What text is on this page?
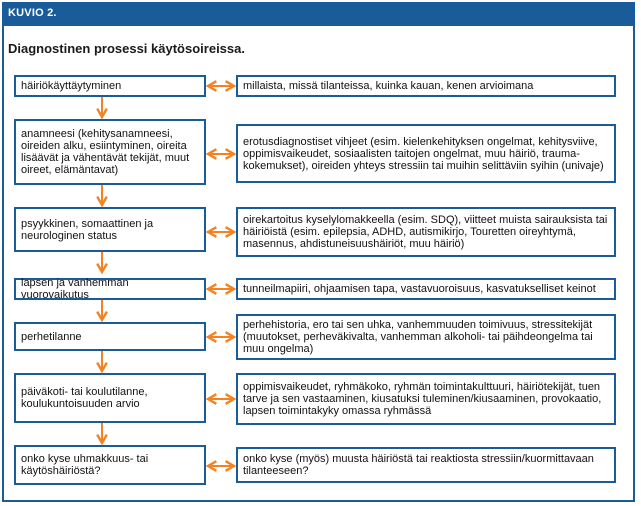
KUVIO 2.
Diagnostinen prosessi käytösoireissa.
häiriökäyttäytyminen
anamneesi (kehitysanamneesi, oireiden alku, esiintyminen, oireita lisäävät ja vähentävät tekijät, muut oireet, elämäntavat)
psyykkinen, somaattinen ja neurologinen status
lapsen ja vanhemman vuorovaikutus
perhetilanne
päiväkoti- tai koulutilanne, koulukuntoisuuden arvio
onko kyse uhmakkuus- tai käytöshäiriöstä?
millaista, missä tilanteissa, kuinka kauan, kenen arvioimana
erotusdiagnostiset vihjeet (esim. kielenkehityksen ongelmat, kehitysviive, oppimisvaikeudet, sosiaalisten taitojen ongelmat, muu häiriö, trauma-kokemukset), oireiden yhteys stressiin tai muihin selittäviin syihin (univaje)
oirekartoitus kyselylomakkeella (esim. SDQ), viitteet muista sairauksista tai häiriöistä (esim. epilepsia, ADHD, autismikirjo, Touretten oireyhtymä, masennus, ahdistuneisuushäiriöt, muu häiriö)
tunneilmapiiri, ohjaamisen tapa, vastavuoroisuus, kasvatukselliset keinot
perhehistoria, ero tai sen uhka, vanhemmuuden toimivuus, stressitekijät (muutokset, perheväkivalta, vanhemman alkoholi- tai päihdeongelma tai muu ongelma)
oppimisvaikeudet, ryhmäkoko, ryhmän toimintakulttuuri, häiriötekijät, tuen tarve ja sen vastaaminen, kiusatuksi tuleminen/kiusaaminen, provokaatio, lapsen toimintakyky omassa ryhmässä
onko kyse (myös) muusta häiriöstä tai reaktiosta stressiin/kuormittavaan tilanteeseen?
